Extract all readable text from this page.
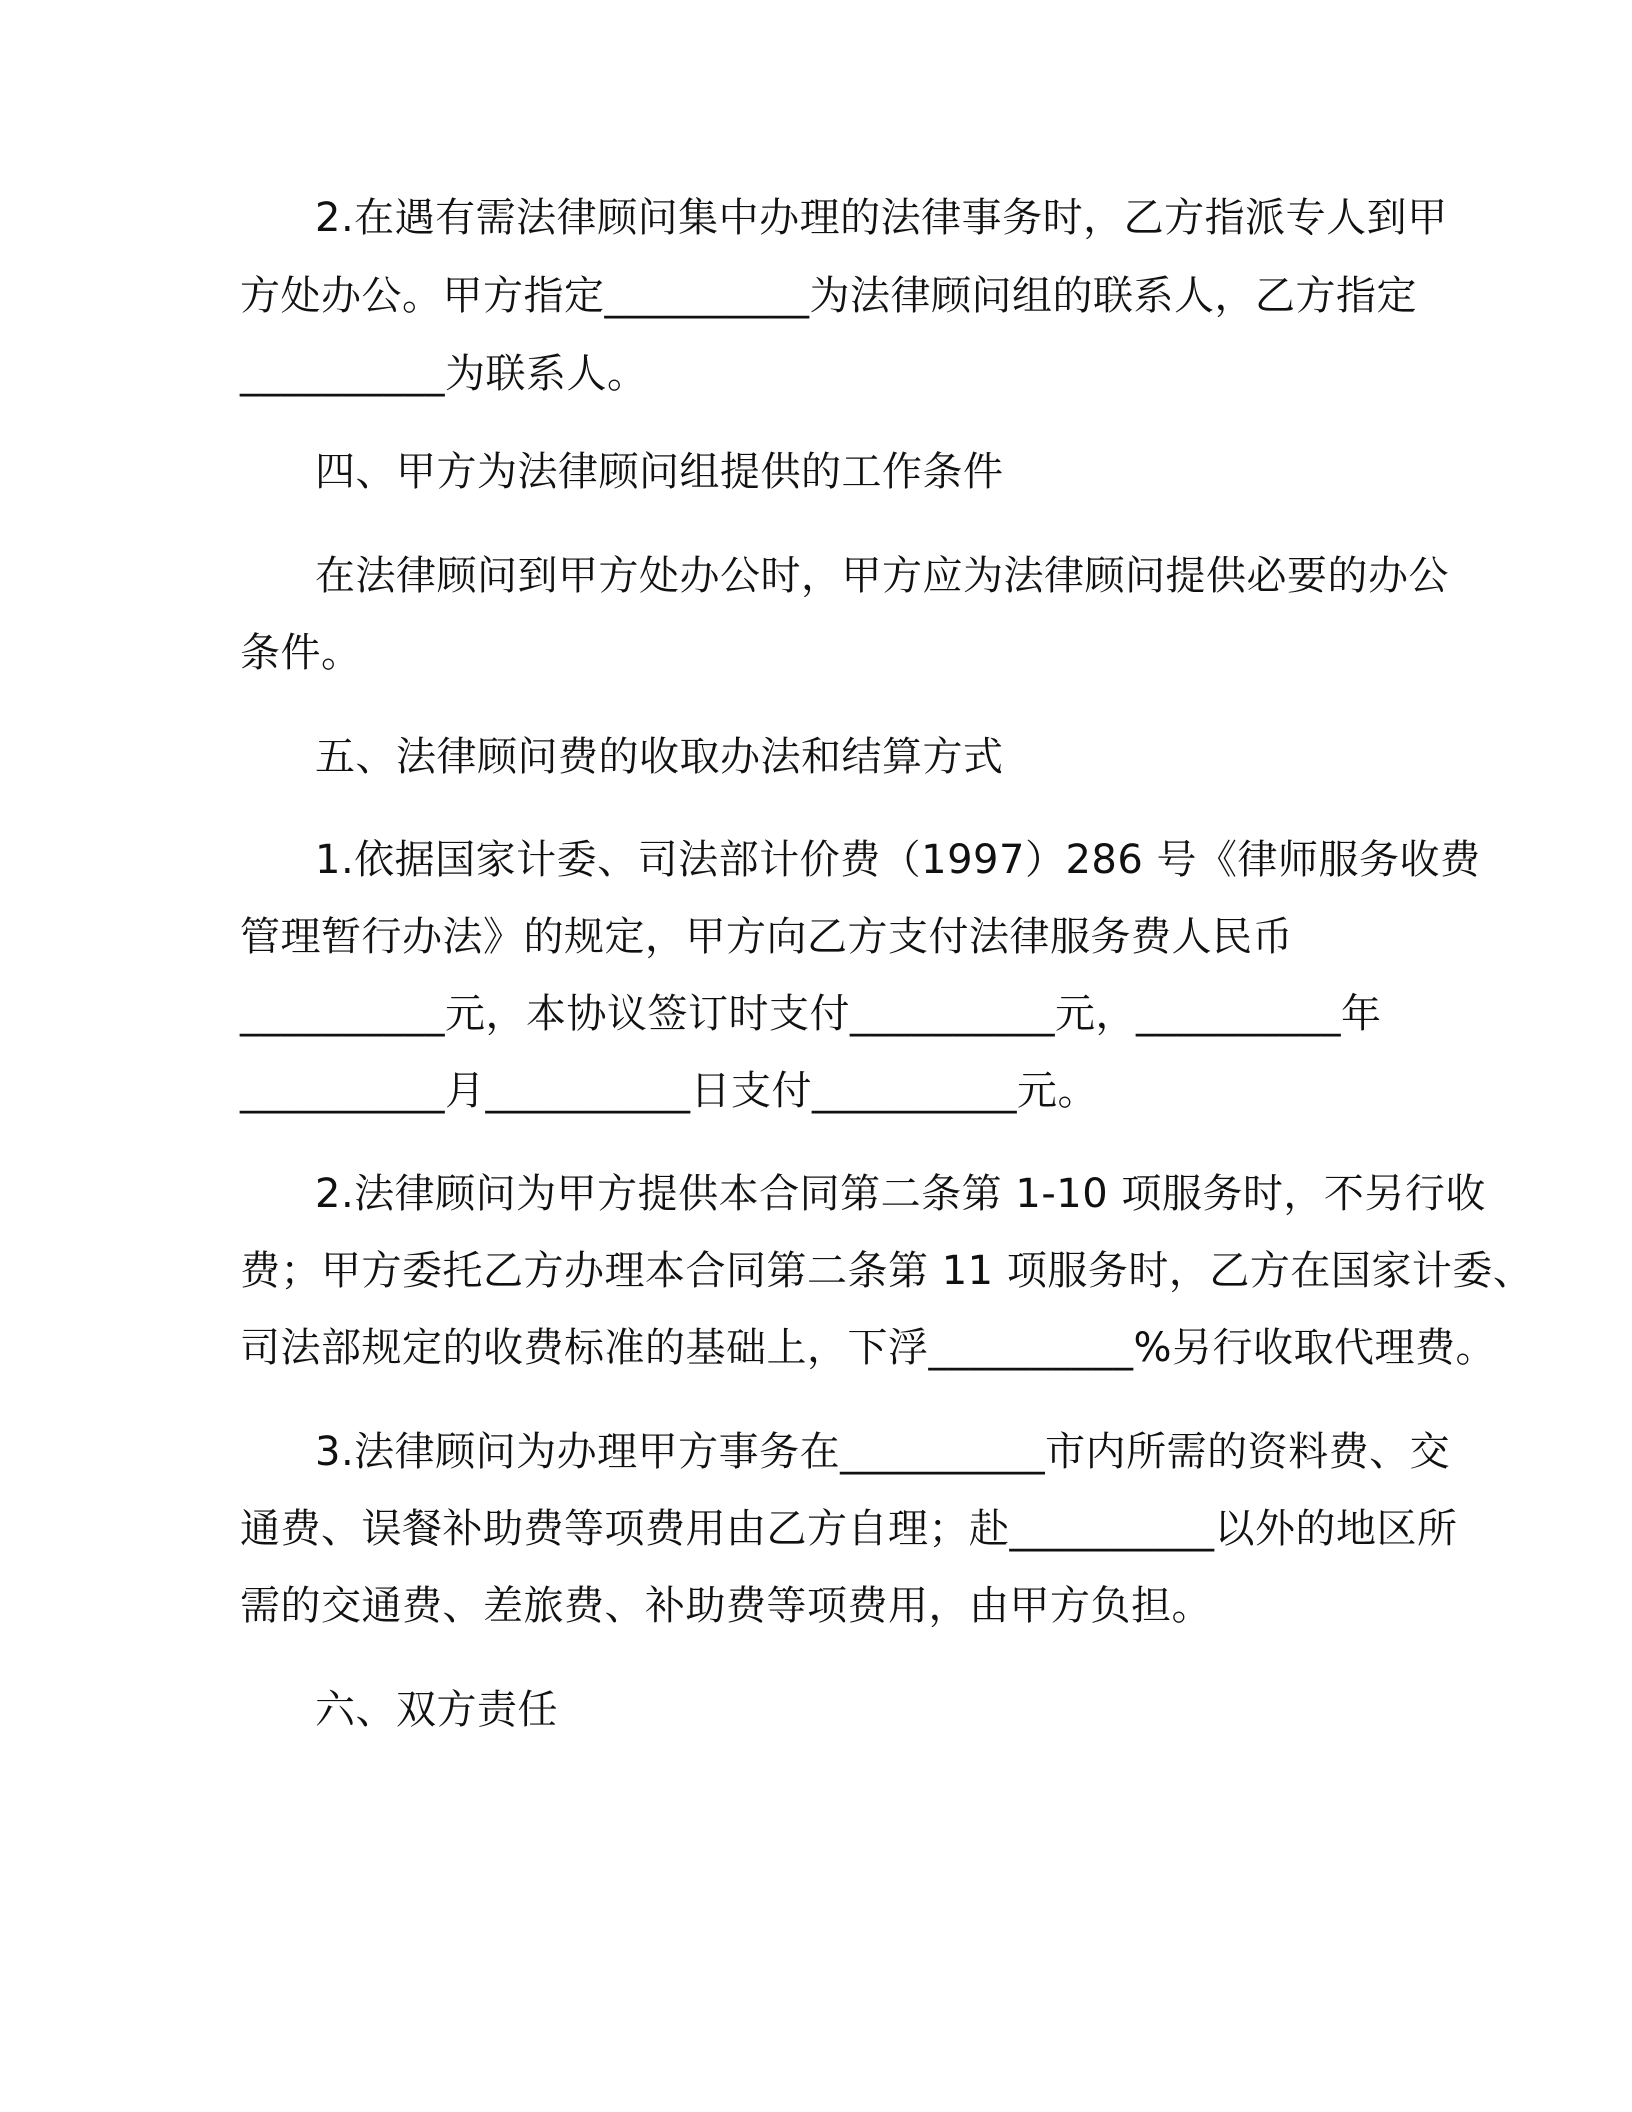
2.在遇有需法律顾问集中办理的法律事务时，乙方指派专人到甲
方处办公。甲方指定__________为法律顾问组的联系人，乙方指定
__________为联系人。
四、甲方为法律顾问组提供的工作条件
在法律顾问到甲方处办公时，甲方应为法律顾问提供必要的办公
条件。
五、法律顾问费的收取办法和结算方式
1.依据国家计委、司法部计价费（1997）286 号《律师服务收费
管理暂行办法》的规定，甲方向乙方支付法律服务费人民币
__________元，本协议签订时支付__________元，__________年
__________月__________日支付__________元。
2.法律顾问为甲方提供本合同第二条第 1-10 项服务时，不另行收
费；甲方委托乙方办理本合同第二条第 11 项服务时，乙方在国家计委、
司法部规定的收费标准的基础上，下浮__________%另行收取代理费。
3.法律顾问为办理甲方事务在__________市内所需的资料费、交
通费、误餐补助费等项费用由乙方自理；赴__________以外的地区所
需的交通费、差旅费、补助费等项费用，由甲方负担。
六、双方责任
